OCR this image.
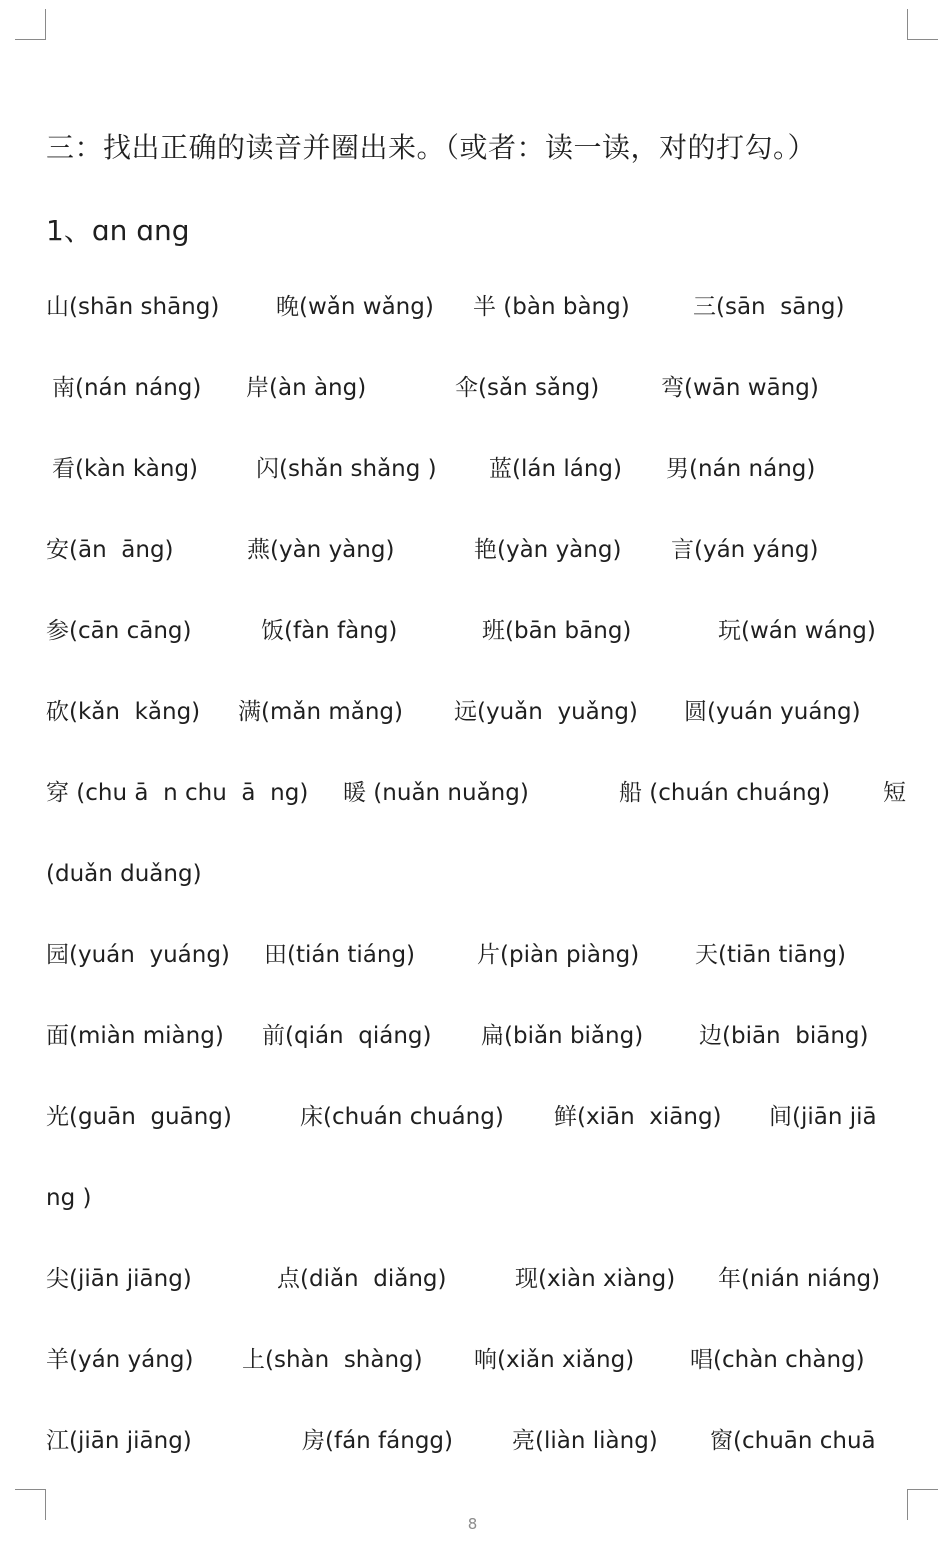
三：找出正确的读音并圈出来。（或者：读一读，对的打勾。）
1、ɑn ɑng
山(shān shāng) 晚(wǎn wǎng) 半 (bàn bàng)	三(sān  sāng)
南(nán náng) 岸(àn àng)	伞(sǎn sǎng)	弯(wān wāng)
看(kàn kàng)	闪(shǎn shǎng ) 蓝(lán láng) 男(nán náng)
安(ān  āng)	燕(yàn yàng)	艳(yàn yàng) 言(yán yáng)
参(cān cāng)	饭(fàn fàng)	班(bān bāng)	玩(wán wáng)
砍(kǎn  kǎng) 满(mǎn mǎng) 远(yuǎn  yuǎng) 圆(yuán yuáng)
穿 (chu ā  n chu  ā  ng) 暖 (nuǎn nuǎng)	船 (chuán chuáng) 短
(duǎn duǎng)
园(yuán  yuáng) 田(tián tiáng)	片(piàn piàng) 天(tiān tiāng)
面(miàn miàng) 前(qián  qiáng) 扁(biǎn biǎng) 边(biān  biāng)
光(guān  guāng)	床(chuán chuáng) 鲜(xiān  xiāng) 间(jiān jiā
ng )
尖(jiān jiāng)	点(diǎn  diǎng)	现(xiàn xiàng) 年(nián niáng)
羊(yán yáng) 上(shàn  shàng) 响(xiǎn xiǎng) 唱(chàn chàng)
江(jiān jiāng)	房(fán fángg)	亮(liàn liàng) 窗(chuān chuā
8
